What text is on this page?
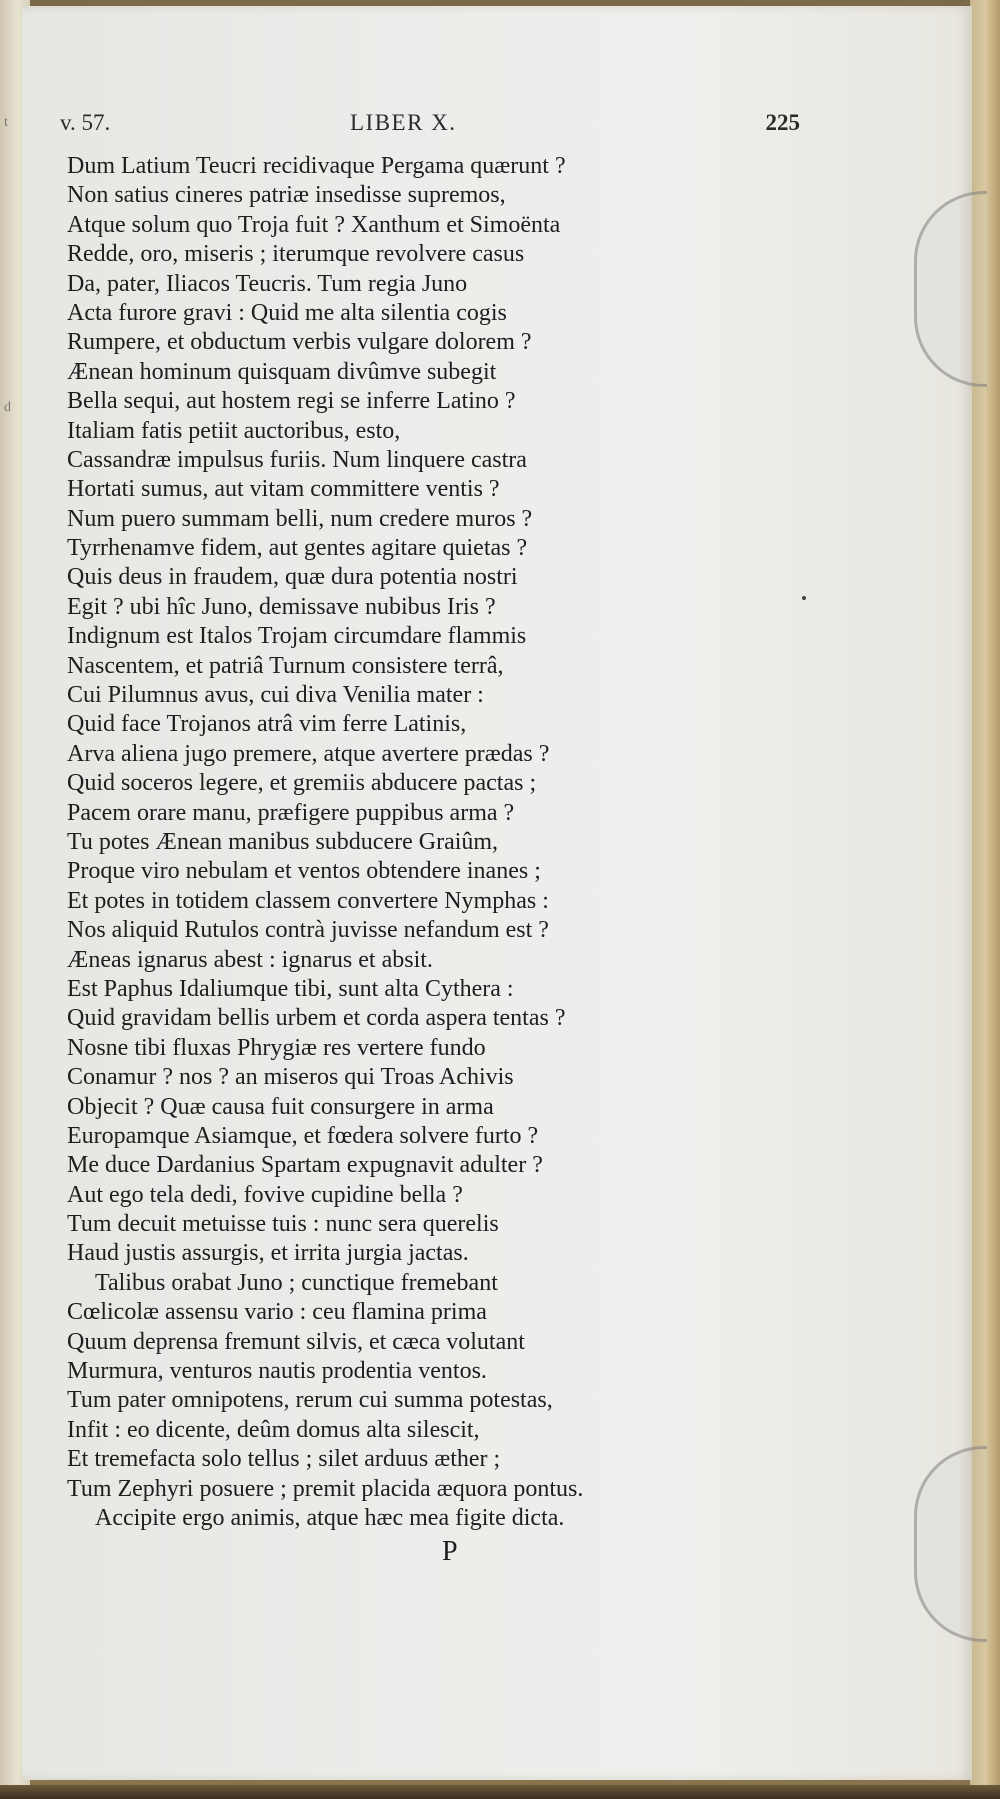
t
d
v. 57.	LIBER X.	225
Dum Latium Teucri recidivaque Pergama quærunt ?
Non satius cineres patriæ insedisse supremos,
Atque solum quo Troja fuit ? Xanthum et Simoënta
Redde, oro, miseris ; iterumque revolvere casus
Da, pater, Iliacos Teucris. Tum regia Juno
Acta furore gravi : Quid me alta silentia cogis
Rumpere, et obductum verbis vulgare dolorem ?
Ænean hominum quisquam divûmve subegit
Bella sequi, aut hostem regi se inferre Latino ?
Italiam fatis petiit auctoribus, esto,
Cassandræ impulsus furiis. Num linquere castra
Hortati sumus, aut vitam committere ventis ?
Num puero summam belli, num credere muros ?
Tyrrhenamve fidem, aut gentes agitare quietas ?
Quis deus in fraudem, quæ dura potentia nostri
Egit ? ubi hîc Juno, demissave nubibus Iris ?
Indignum est Italos Trojam circumdare flammis
Nascentem, et patriâ Turnum consistere terrâ,
Cui Pilumnus avus, cui diva Venilia mater :
Quid face Trojanos atrâ vim ferre Latinis,
Arva aliena jugo premere, atque avertere prædas ?
Quid soceros legere, et gremiis abducere pactas ;
Pacem orare manu, præfigere puppibus arma ?
Tu potes Ænean manibus subducere Graiûm,
Proque viro nebulam et ventos obtendere inanes ;
Et potes in totidem classem convertere Nymphas :
Nos aliquid Rutulos contrà juvisse nefandum est ?
Æneas ignarus abest : ignarus et absit.
Est Paphus Idaliumque tibi, sunt alta Cythera :
Quid gravidam bellis urbem et corda aspera tentas ?
Nosne tibi fluxas Phrygiæ res vertere fundo
Conamur ? nos ? an miseros qui Troas Achivis
Objecit ? Quæ causa fuit consurgere in arma
Europamque Asiamque, et fœdera solvere furto ?
Me duce Dardanius Spartam expugnavit adulter ?
Aut ego tela dedi, fovive cupidine bella ?
Tum decuit metuisse tuis : nunc sera querelis
Haud justis assurgis, et irrita jurgia jactas.
Talibus orabat Juno ; cunctique fremebant
Cœlicolæ assensu vario : ceu flamina prima
Quum deprensa fremunt silvis, et cæca volutant
Murmura, venturos nautis prodentia ventos.
Tum pater omnipotens, rerum cui summa potestas,
Infit : eo dicente, deûm domus alta silescit,
Et tremefacta solo tellus ; silet arduus æther ;
Tum Zephyri posuere ; premit placida æquora pontus.
Accipite ergo animis, atque hæc mea figite dicta.
P
